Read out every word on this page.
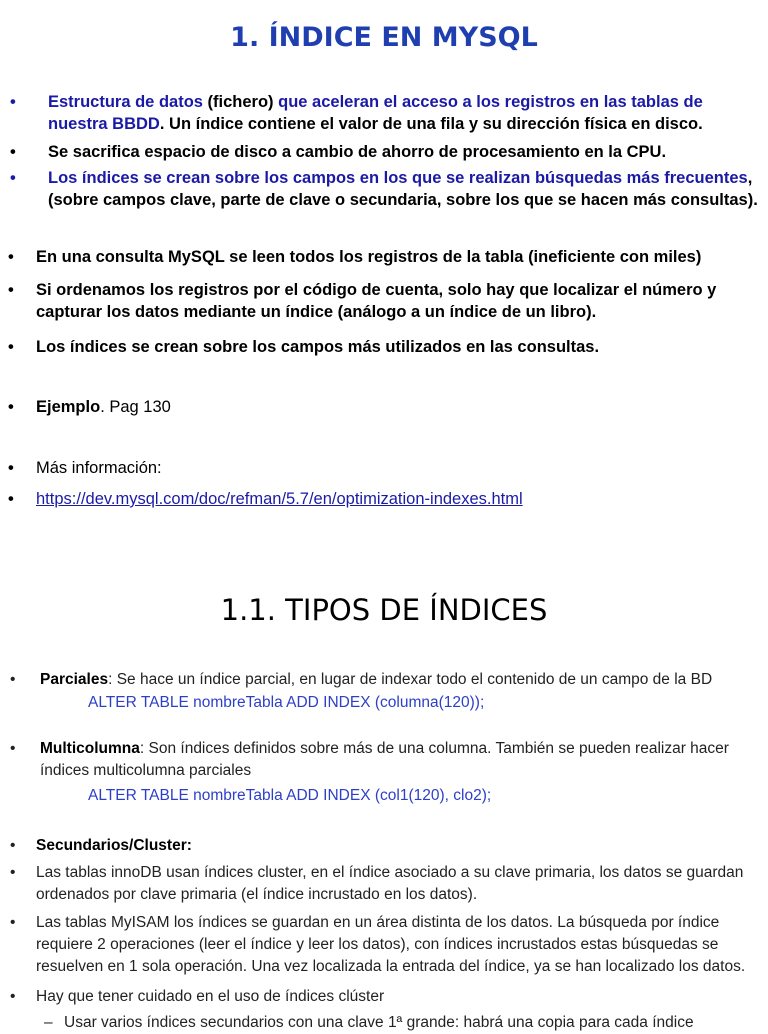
1. ÍNDICE EN MYSQL
•	Estructura de datos (fichero) que aceleran el acceso a los registros en las tablas de nuestra BBDD. Un índice contiene el valor de una fila y su dirección física en disco.
•	Se sacrifica espacio de disco a cambio de ahorro de procesamiento en la CPU.
•	Los índices se crean sobre los campos en los que se realizan búsquedas más frecuentes, (sobre campos clave, parte de clave o secundaria, sobre los que se hacen más consultas).
•	En una consulta MySQL se leen todos los registros de la tabla (ineficiente con miles)
•	Si ordenamos los registros por el código de cuenta, solo hay que localizar el número y capturar los datos mediante un índice (análogo a un índice de un libro).
•	Los índices se crean sobre los campos más utilizados en las consultas.
•	Ejemplo. Pag 130
•	Más información:
•	https://dev.mysql.com/doc/refman/5.7/en/optimization-indexes.html
1.1. TIPOS DE ÍNDICES
•	Parciales: Se hace un índice parcial, en lugar de indexar todo el contenido de un campo de la BD
ALTER TABLE nombreTabla ADD INDEX (columna(120));
•	Multicolumna: Son índices definidos sobre más de una columna. También se pueden realizar hacer índices multicolumna parciales
ALTER TABLE nombreTabla ADD INDEX (col1(120), clo2);
•	Secundarios/Cluster:
•	Las tablas innoDB usan índices cluster, en el índice asociado a su clave primaria, los datos se guardan ordenados por clave primaria (el índice incrustado en los datos).
•	Las tablas MyISAM los índices se guardan en un área distinta de los datos. La búsqueda por índice requiere 2 operaciones (leer el índice y leer los datos), con índices incrustados estas búsquedas se resuelven en 1 sola operación. Una vez localizada la entrada del índice, ya se han localizado los datos.
•	Hay que tener cuidado en el uso de índices clúster
– Usar varios índices secundarios con una clave 1ª grande: habrá una copia para cada índice
